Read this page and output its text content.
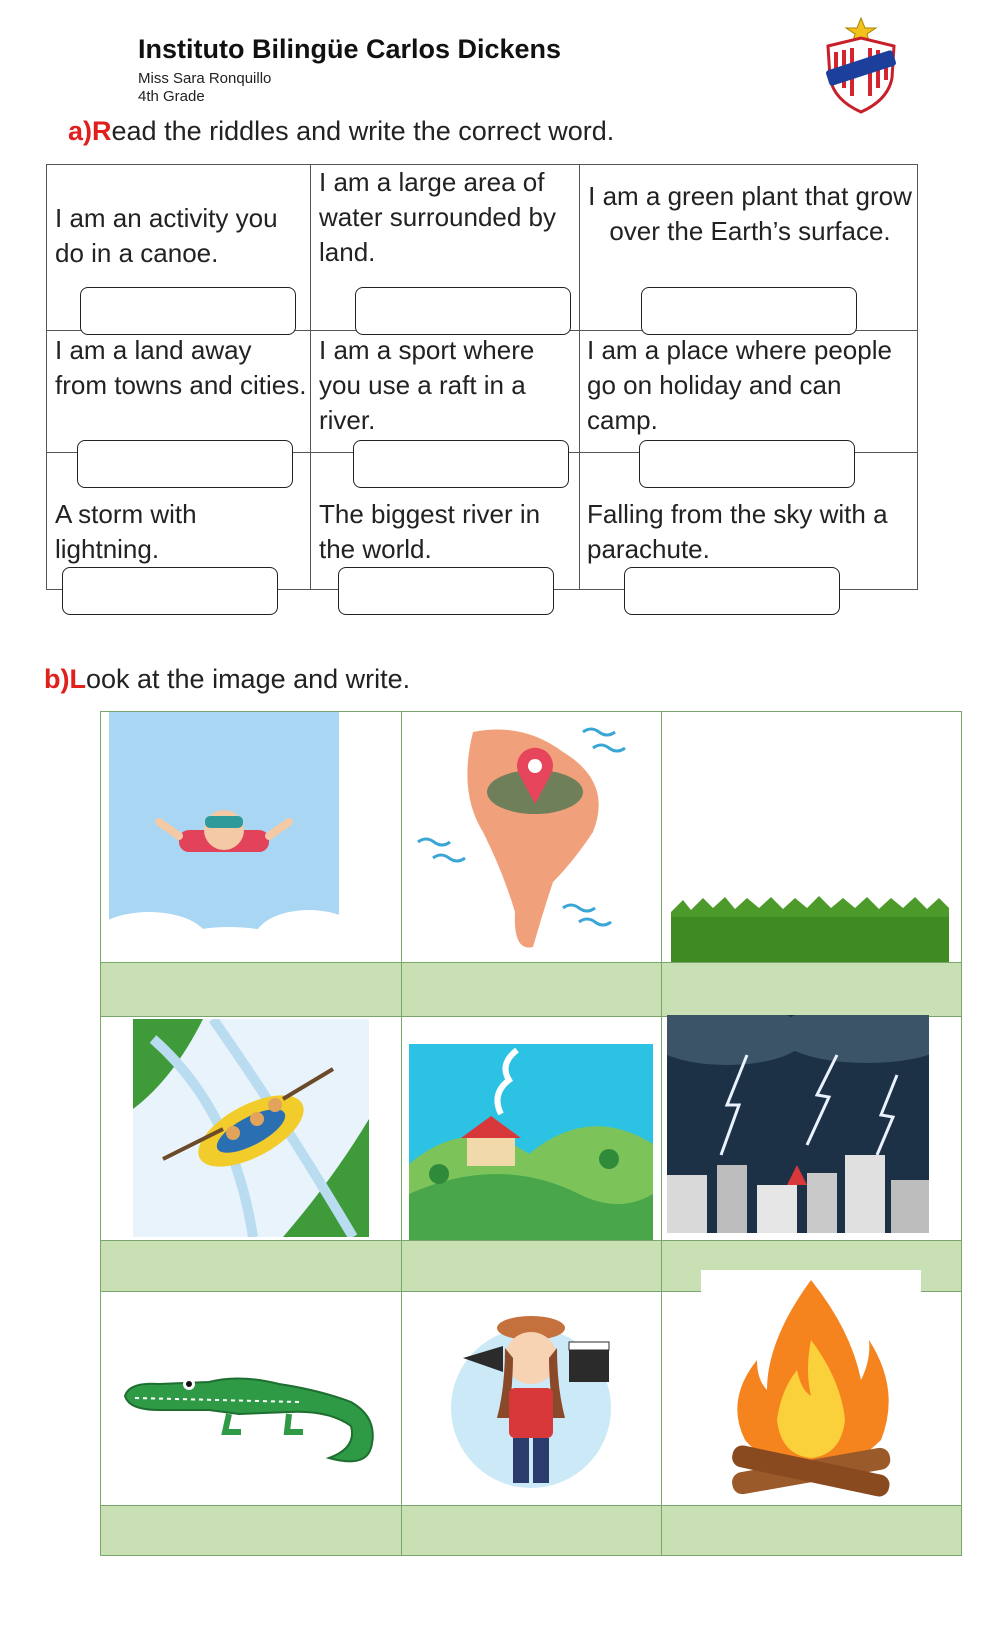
Instituto Bilingüe Carlos Dickens
Miss Sara Ronquillo
4th Grade
a)Read the riddles and write the correct word.
I am an activity you do in a canoe.
I am a large area of water surrounded by land.
I am a green plant that grow over the Earth’s surface.
I am a land away from towns and cities.
I am a sport where you use a raft in a river.
I am a place where people go on holiday and can camp.
A storm with lightning.
The biggest river in the world.
Falling from the sky with a parachute.
b)Look at the image and write.
